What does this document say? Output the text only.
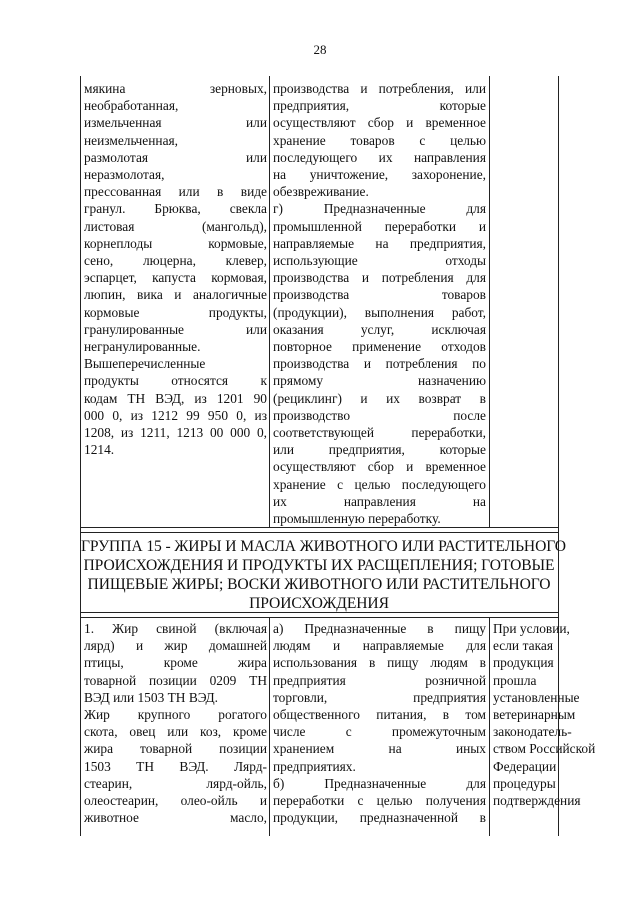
28
мякина зерновых,
необработанная,
измельченная или
неизмельченная,
размолотая или
неразмолотая,
прессованная или в виде
гранул. Брюква, свекла
листовая (мангольд),
корнеплоды кормовые,
сено, люцерна, клевер,
эспарцет, капуста кормовая,
люпин, вика и аналогичные
кормовые продукты,
гранулированные или
негранулированные.
Вышеперечисленные
продукты относятся к
кодам ТН ВЭД, из 1201 90
000 0, из 1212 99 950 0, из
1208, из 1211, 1213 00 000 0,
1214.
производства и потребления, или
предприятия, которые
осуществляют сбор и временное
хранение товаров с целью
последующего их направления
на уничтожение, захоронение,
обезвреживание.
г) Предназначенные для
промышленной переработки и
направляемые на предприятия,
использующие отходы
производства и потребления для
производства товаров
(продукции), выполнения работ,
оказания услуг, исключая
повторное применение отходов
производства и потребления по
прямому назначению
(рециклинг) и их возврат в
производство после
соответствующей переработки,
или предприятия, которые
осуществляют сбор и временное
хранение с целью последующего
их направления на
промышленную переработку.
ГРУППА 15 - ЖИРЫ И МАСЛА ЖИВОТНОГО ИЛИ РАСТИТЕЛЬНОГО
ПРОИСХОЖДЕНИЯ И ПРОДУКТЫ ИХ РАСЩЕПЛЕНИЯ; ГОТОВЫЕ
ПИЩЕВЫЕ ЖИРЫ; ВОСКИ ЖИВОТНОГО ИЛИ РАСТИТЕЛЬНОГО
ПРОИСХОЖДЕНИЯ
1. Жир свиной (включая
лярд) и жир домашней
птицы, кроме жира
товарной позиции 0209 ТН
ВЭД или 1503 ТН ВЭД.
Жир крупного рогатого
скота, овец или коз, кроме
жира товарной позиции
1503 ТН ВЭД. Лярд-
стеарин, лярд-ойль,
олеостеарин, олео-ойль и
животное масло,
а) Предназначенные в пищу
людям и направляемые для
использования в пищу людям в
предприятия розничной
торговли, предприятия
общественного питания, в том
числе с промежуточным
хранением на иных
предприятиях.
б) Предназначенные для
переработки с целью получения
продукции, предназначенной в
При условии,
если такая
продукция
прошла
установленные
ветеринарным
законодатель-
ством Российской
Федерации
процедуры
подтверждения
